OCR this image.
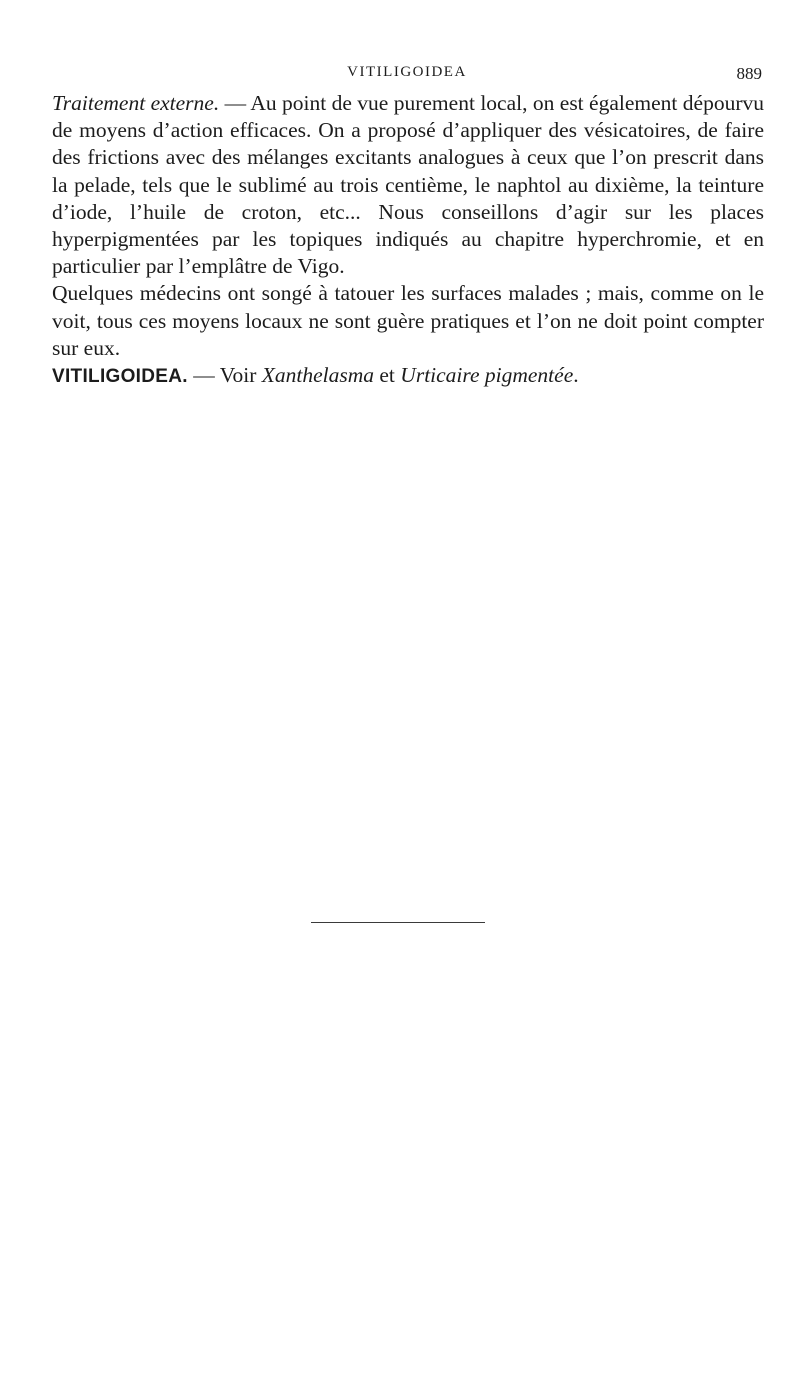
VITILIGOIDEA	889

Traitement externe. — Au point de vue purement local, on est également dépourvu de moyens d’action efficaces. On a proposé d’appliquer des vésicatoires, de faire des frictions avec des mélanges excitants analogues à ceux que l’on prescrit dans la pelade, tels que le sublimé au trois centième, le naphtol au dixième, la teinture d’iode, l’huile de croton, etc... Nous conseillons d’agir sur les places hyperpigmentées par les topiques indiqués au chapitre hyperchromie, et en particulier par l’emplâtre de Vigo.

Quelques médecins ont songé à tatouer les surfaces malades ; mais, comme on le voit, tous ces moyens locaux ne sont guère pratiques et l’on ne doit point compter sur eux.

VITILIGOIDEA. — Voir Xanthelasma et Urticaire pigmentée.
